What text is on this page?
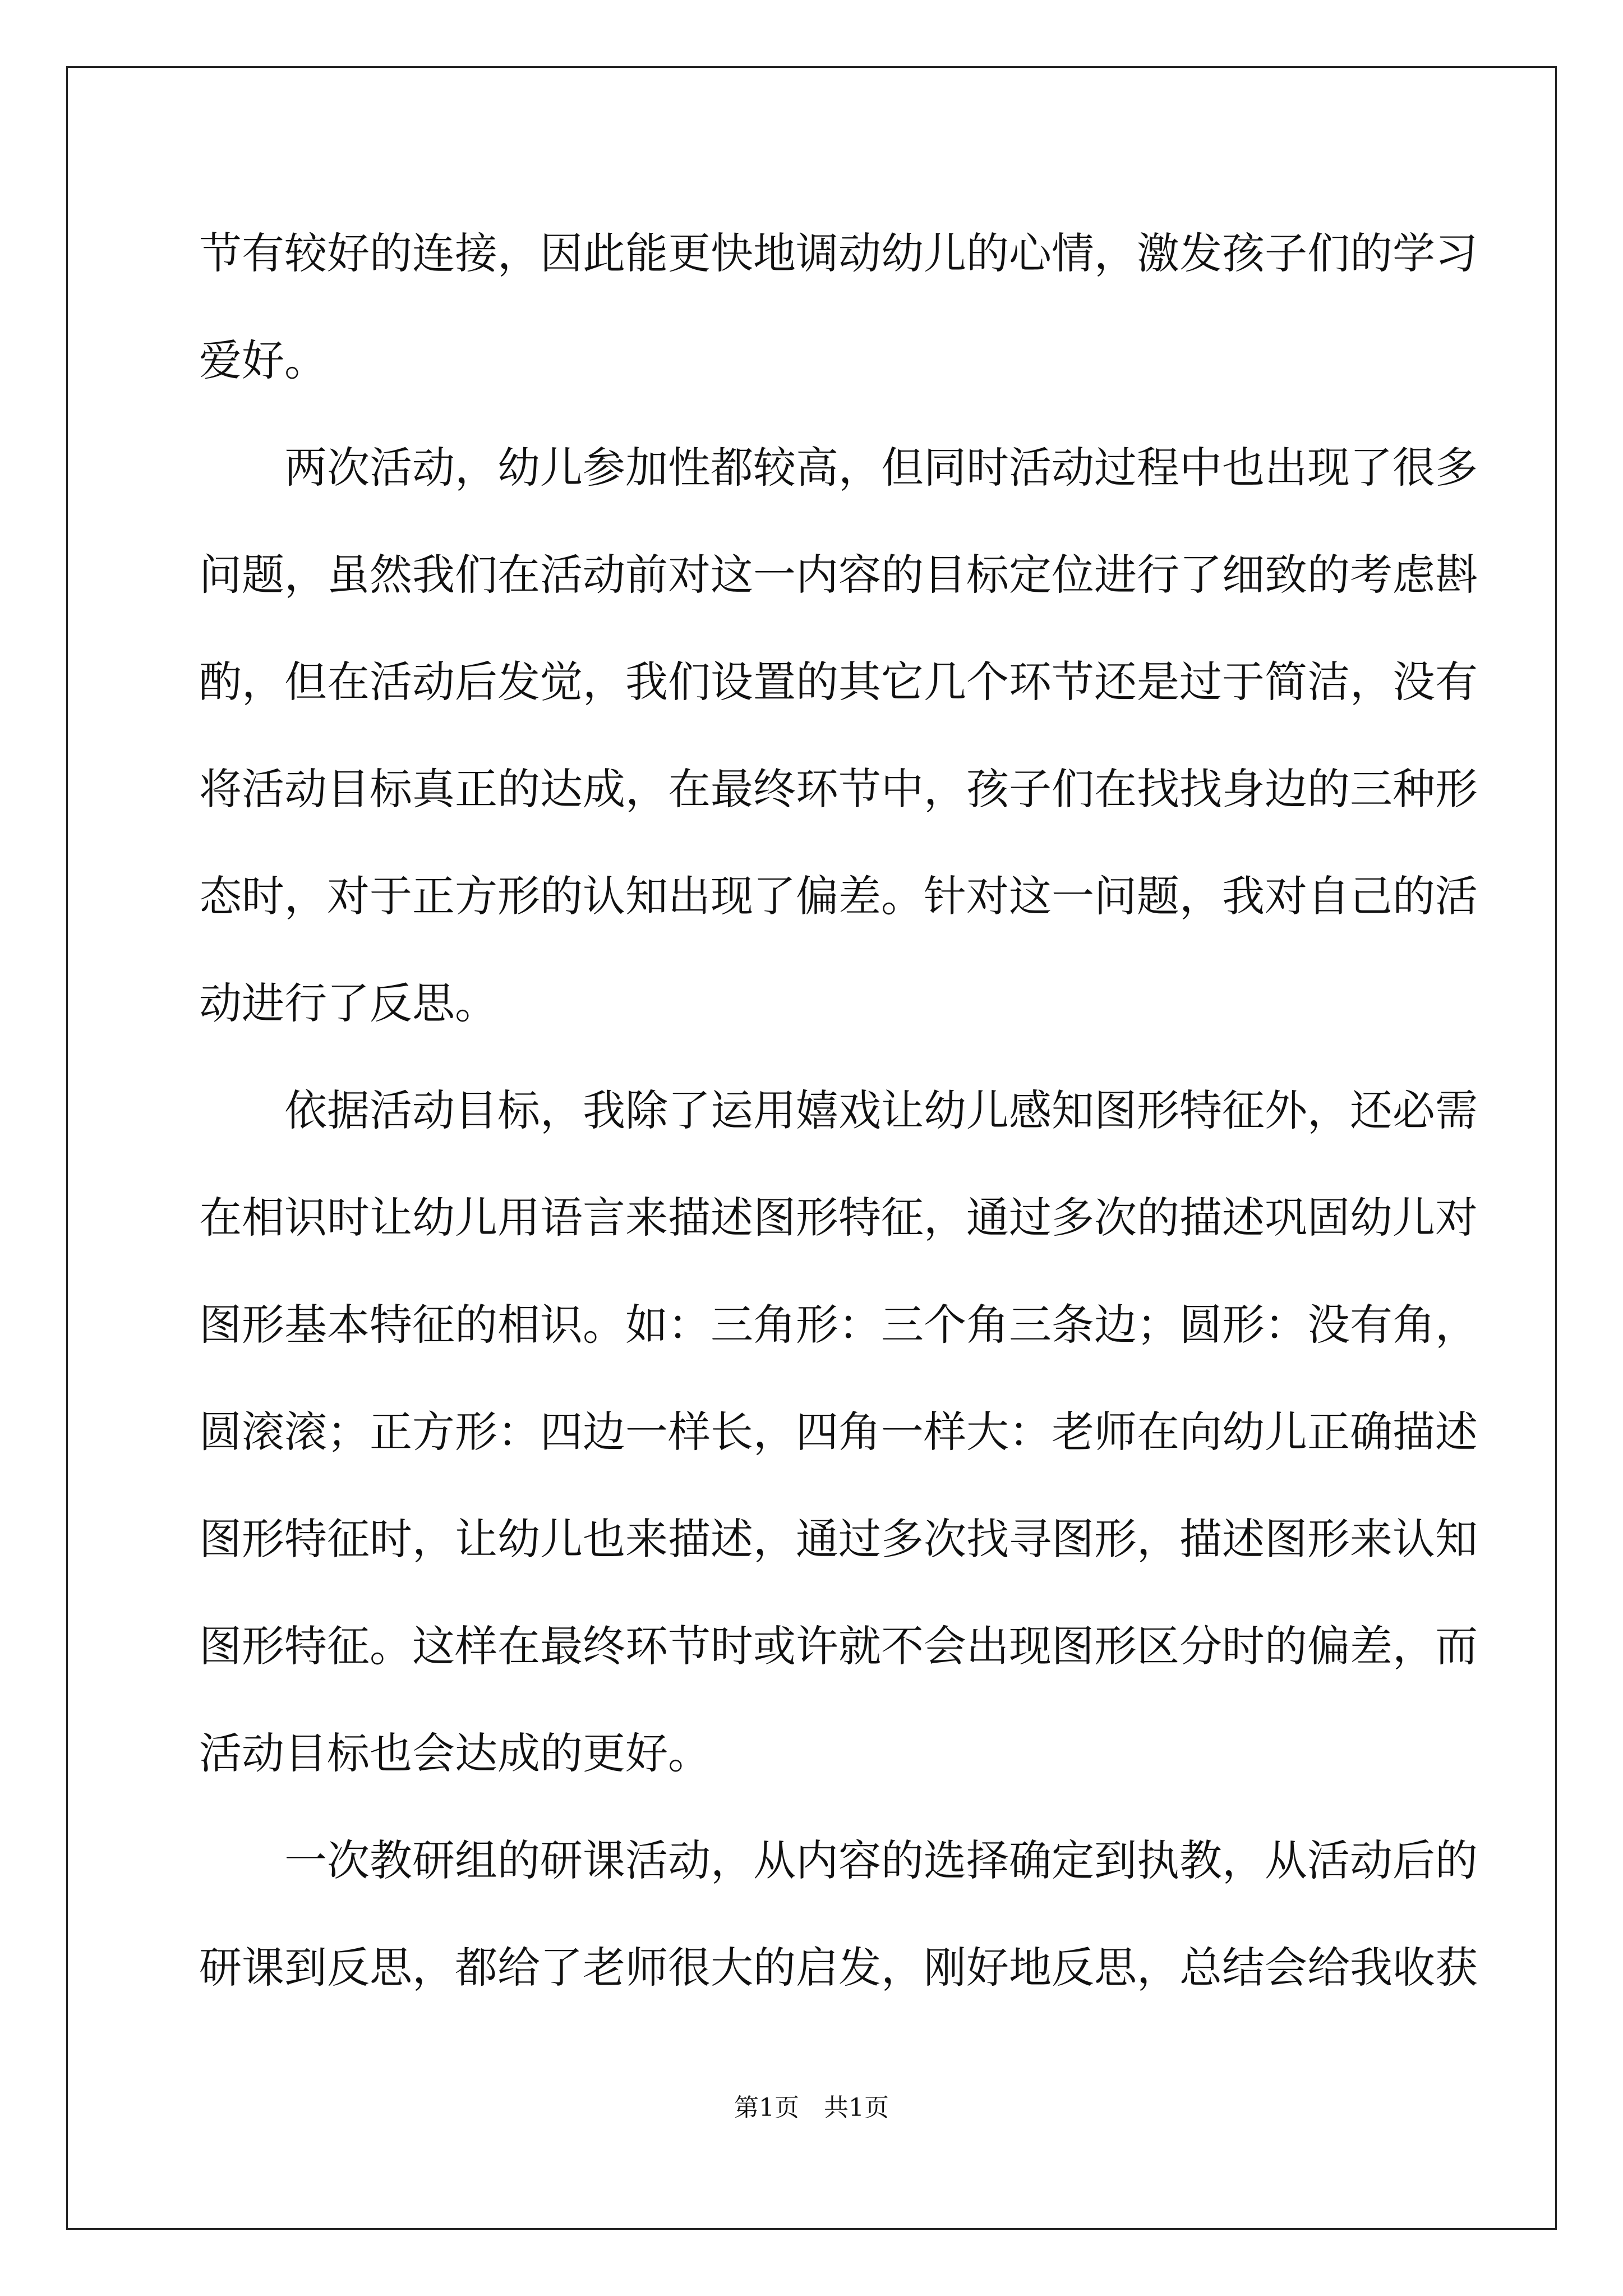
节有较好的连接，因此能更快地调动幼儿的心情，激发孩子们的学习
爱好。
两次活动，幼儿参加性都较高，但同时活动过程中也出现了很多
问题，虽然我们在活动前对这一内容的目标定位进行了细致的考虑斟
酌，但在活动后发觉，我们设置的其它几个环节还是过于简洁，没有
将活动目标真正的达成，在最终环节中，孩子们在找找身边的三种形
态时，对于正方形的认知出现了偏差。针对这一问题，我对自己的活
动进行了反思。
依据活动目标，我除了运用嬉戏让幼儿感知图形特征外，还必需
在相识时让幼儿用语言来描述图形特征，通过多次的描述巩固幼儿对
图形基本特征的相识。如：三角形：三个角三条边；圆形：没有角，
圆滚滚；正方形：四边一样长，四角一样大：老师在向幼儿正确描述
图形特征时，让幼儿也来描述，通过多次找寻图形，描述图形来认知
图形特征。这样在最终环节时或许就不会出现图形区分时的偏差，而
活动目标也会达成的更好。
一次教研组的研课活动，从内容的选择确定到执教，从活动后的
研课到反思，都给了老师很大的启发，刚好地反思，总结会给我收获
第1页　共1页
